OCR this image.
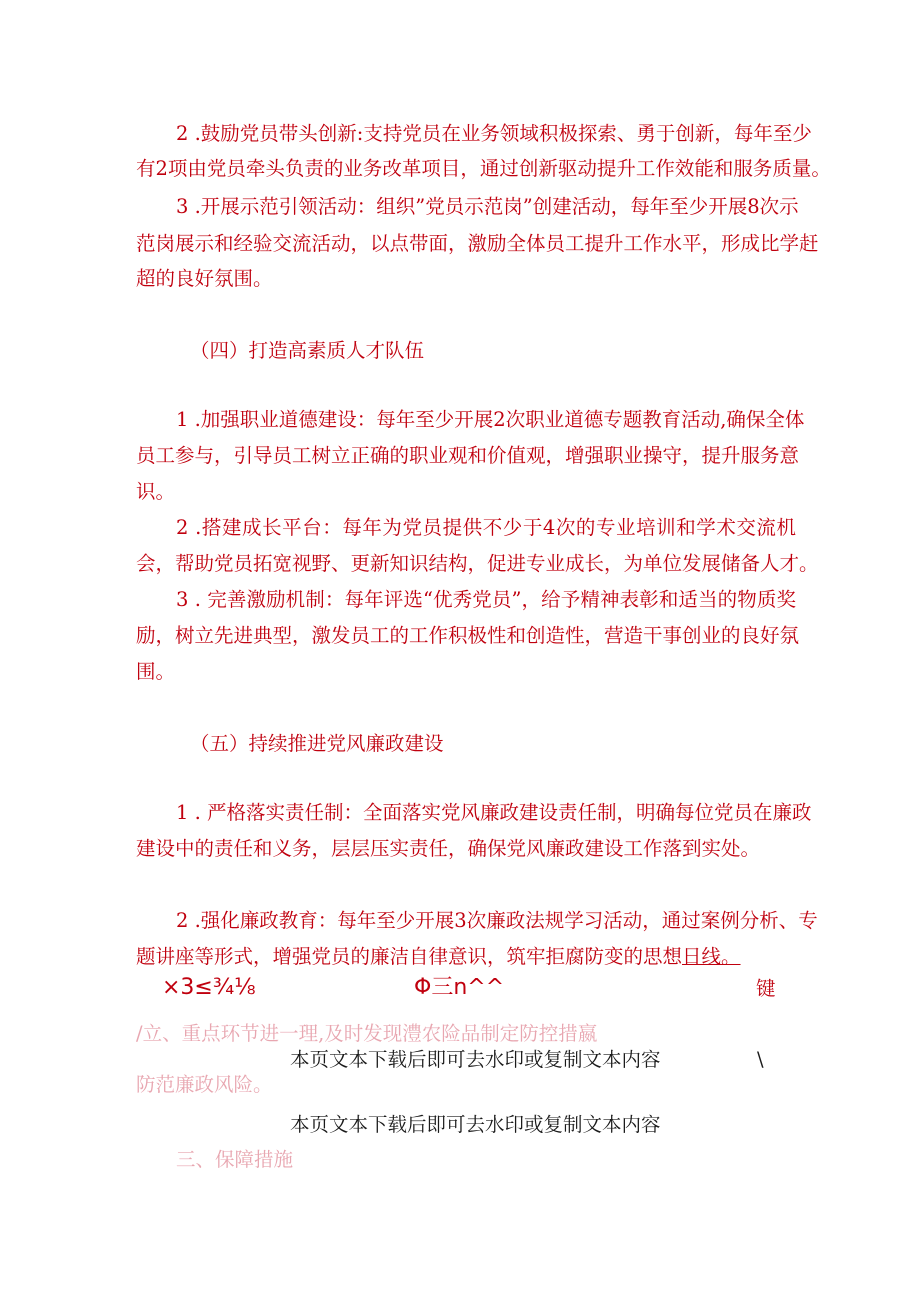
2 .鼓励党员带头创新:支持党员在业务领域积极探索、勇于创新，每年至少
有2项由党员牵头负责的业务改革项目，通过创新驱动提升工作效能和服务质量。
3 .开展示范引领活动：组织”党员示范岗”创建活动，每年至少开展8次示
范岗展示和经验交流活动，以点带面，激励全体员工提升工作水平，形成比学赶
超的良好氛围。
（四）打造高素质人才队伍
1 .加强职业道德建设：每年至少开展2次职业道德专题教育活动,确保全体
员工参与，引导员工树立正确的职业观和价值观，增强职业操守，提升服务意
识。
2 .搭建成长平台：每年为党员提供不少于4次的专业培训和学术交流机
会，帮助党员拓宽视野、更新知识结构，促进专业成长，为单位发展储备人才。
3 . 完善激励机制：每年评选“优秀党员”，给予精神表彰和适当的物质奖
励，树立先进典型，激发员工的工作积极性和创造性，营造干事创业的良好氛
围。
（五）持续推进党风廉政建设
1 . 严格落实责任制：全面落实党风廉政建设责任制，明确每位党员在廉政
建设中的责任和义务，层层压实责任，确保党风廉政建设工作落到实处。
2 .强化廉政教育：每年至少开展3次廉政法规学习活动，通过案例分析、专
题讲座等形式，增强党员的廉洁自律意识，筑牢拒腐防变的思想日线。
×3≤¾⅛	Φ三n^^	键
/立、重点环节进一理,及时发现澧农险品制定防控措嬴
本页文本下载后即可去水印或复制文本内容	\
防范廉政风险。
本页文本下载后即可去水印或复制文本内容
三、保障措施
